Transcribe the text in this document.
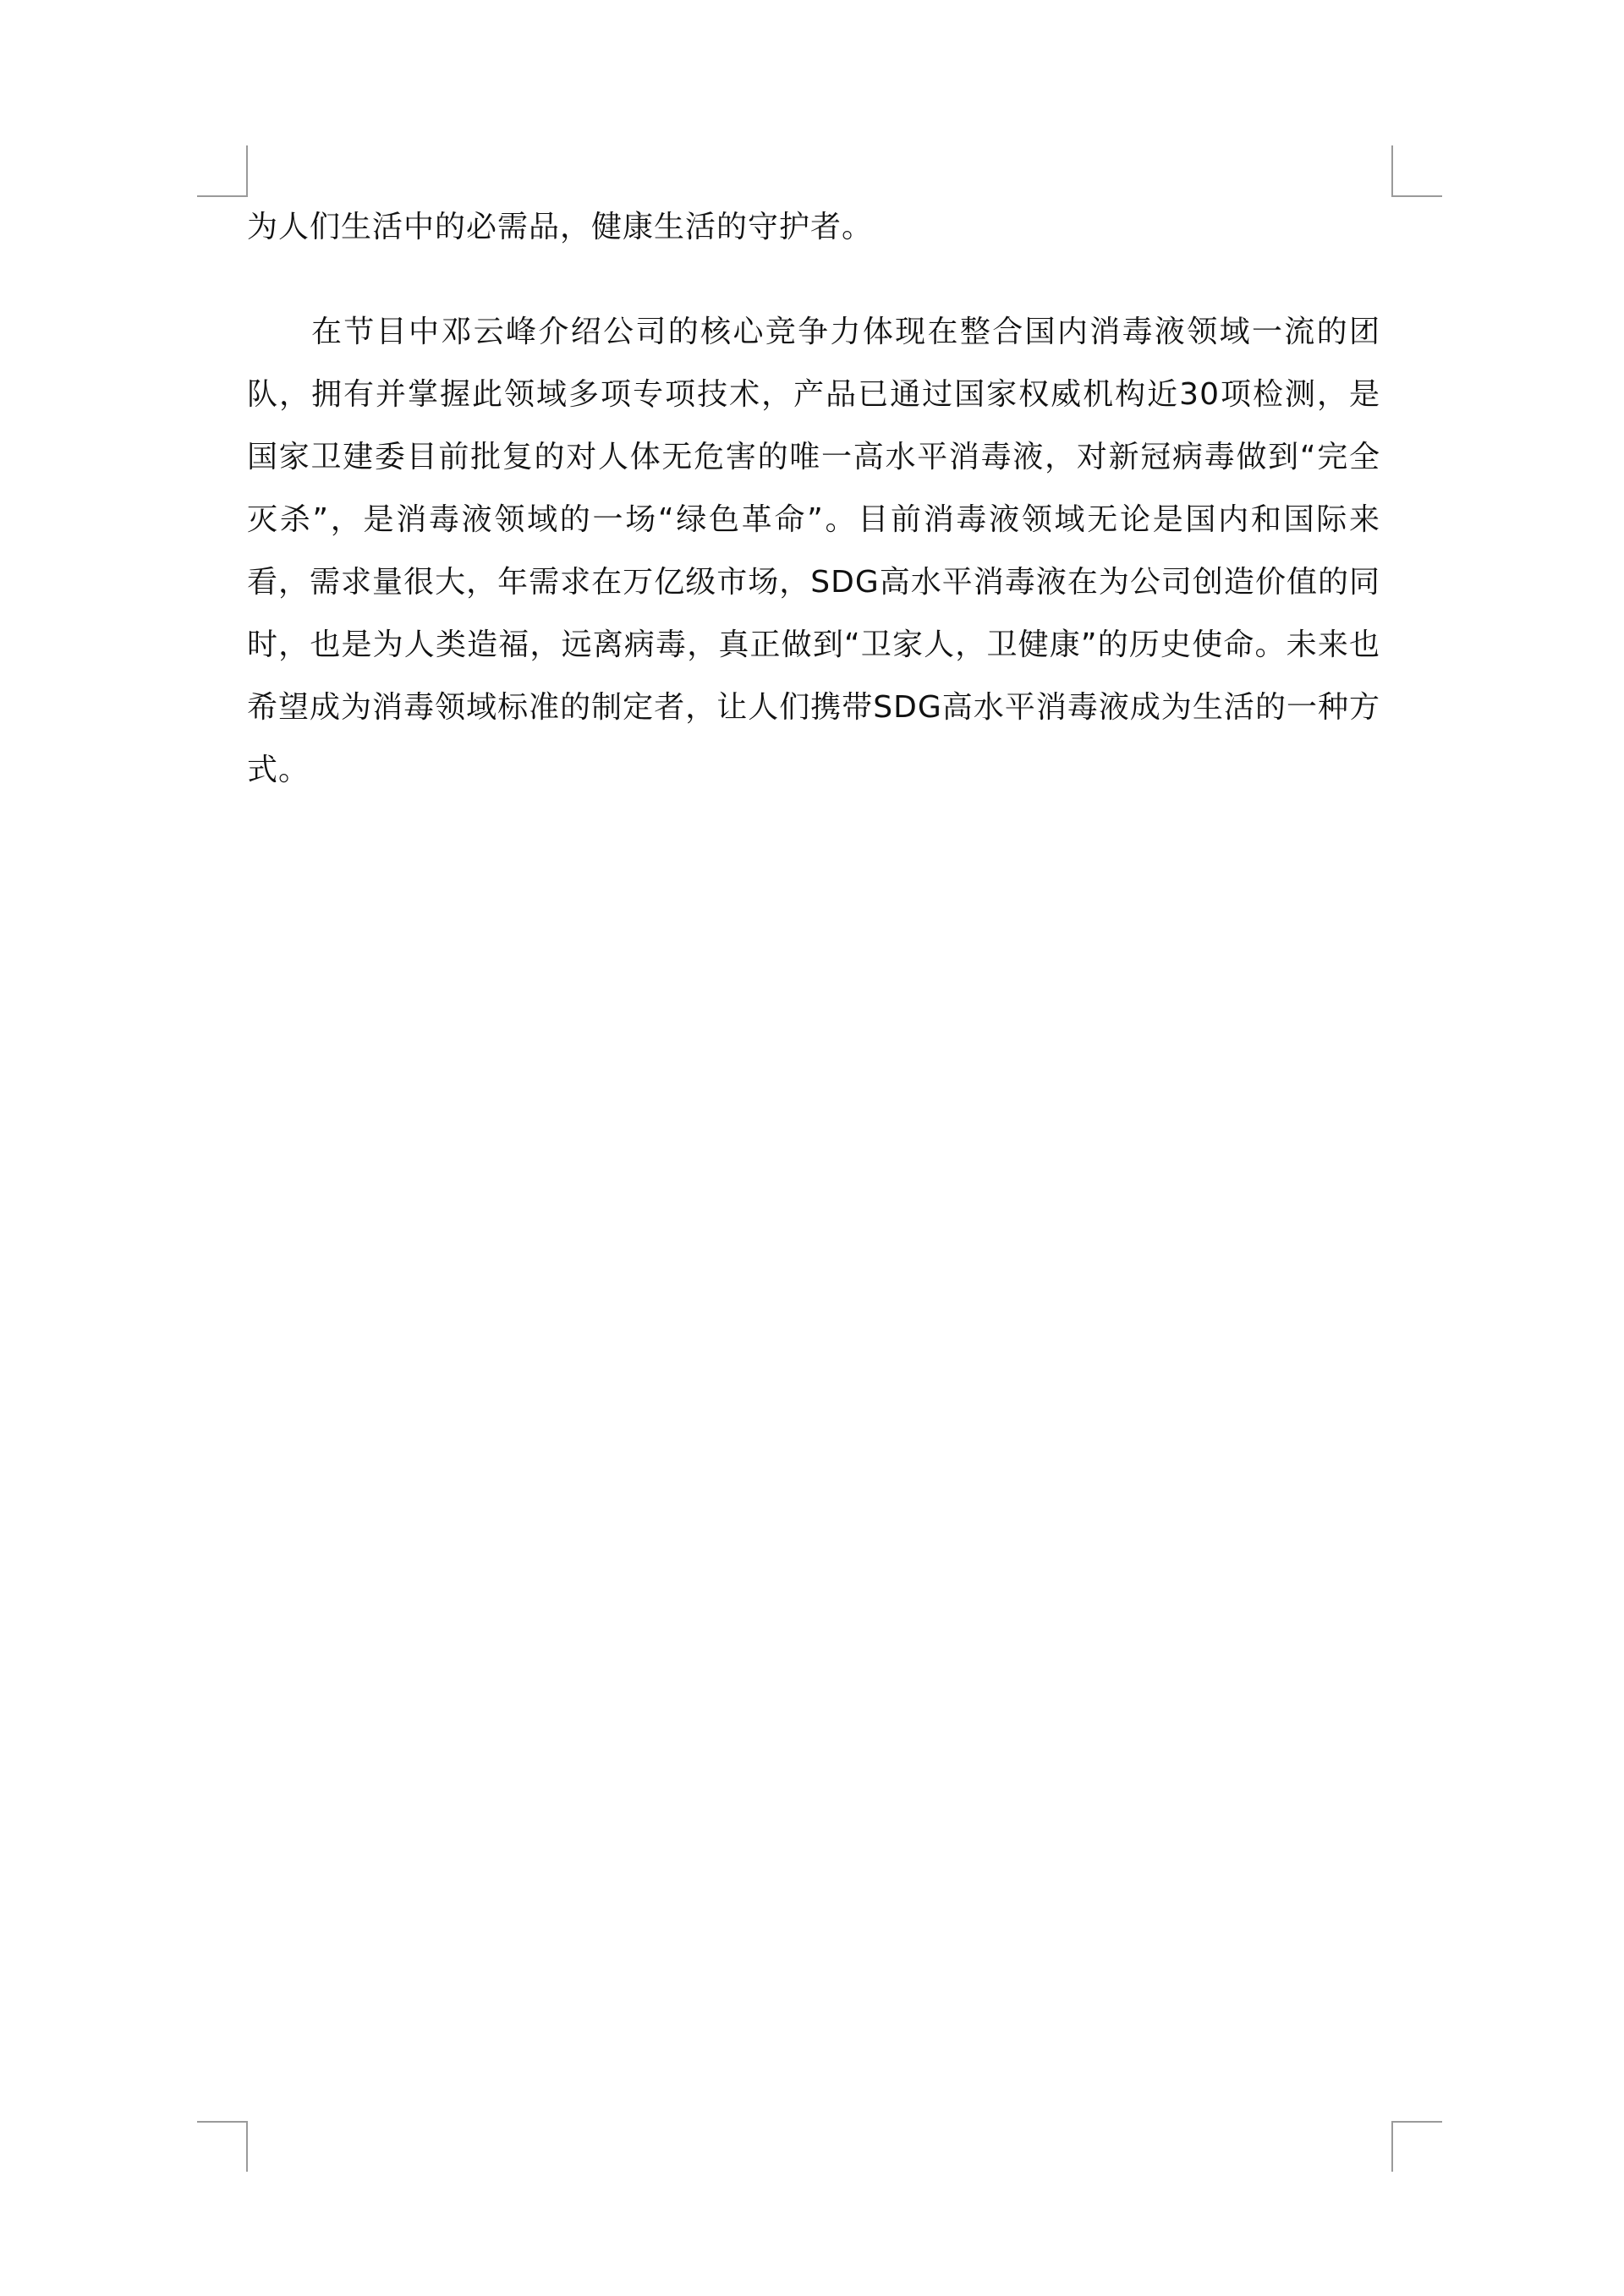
为人们生活中的必需品，健康生活的守护者。

在节目中邓云峰介绍公司的核心竞争力体现在整合国内消毒液领域一流的团队，拥有并掌握此领域多项专项技术，产品已通过国家权威机构近30项检测，是国家卫建委目前批复的对人体无危害的唯一高水平消毒液，对新冠病毒做到“完全灭杀”，是消毒液领域的一场“绿色革命”。目前消毒液领域无论是国内和国际来看，需求量很大，年需求在万亿级市场，SDG高水平消毒液在为公司创造价值的同时，也是为人类造福，远离病毒，真正做到“卫家人，卫健康”的历史使命。未来也希望成为消毒领域标准的制定者，让人们携带SDG高水平消毒液成为生活的一种方式。
